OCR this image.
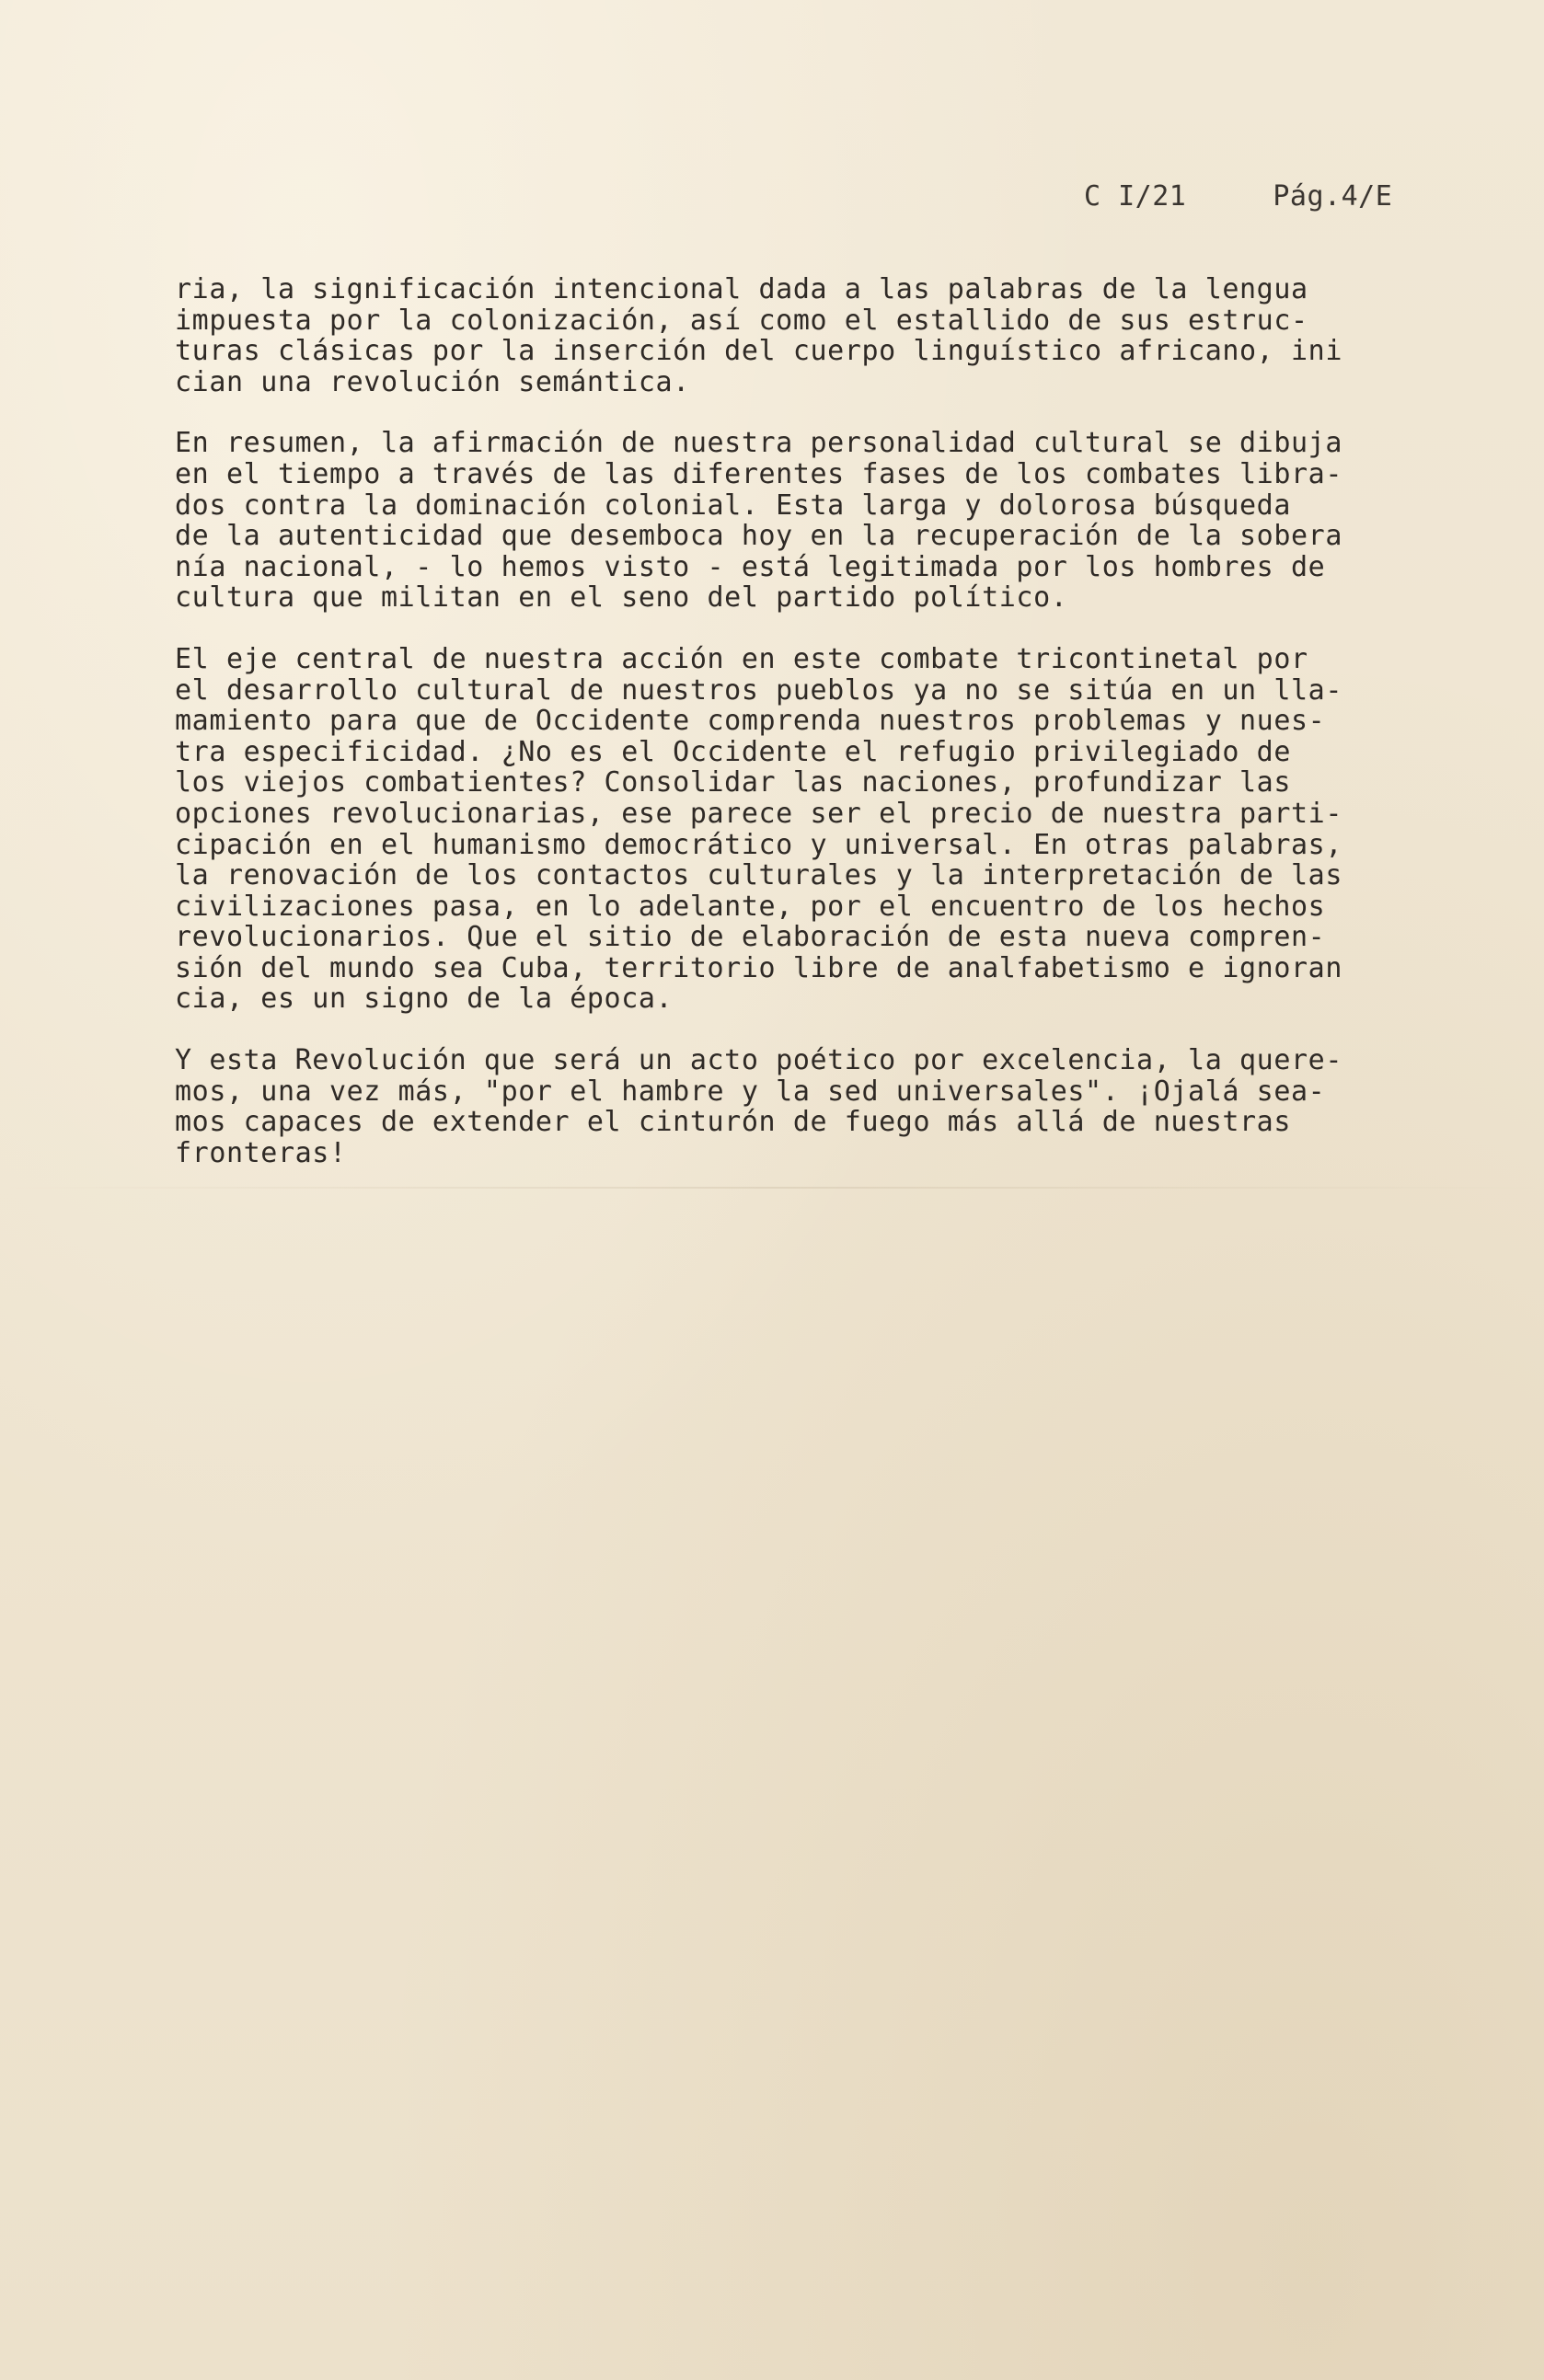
C I/21	Pág.4/E
ria, la significación intencional dada a las palabras de la lengua
impuesta por la colonización, así como el estallido de sus estruc-
turas clásicas por la inserción del cuerpo linguístico africano, ini
cian una revolución semántica.
En resumen, la afirmación de nuestra personalidad cultural se dibuja
en el tiempo a través de las diferentes fases de los combates libra-
dos contra la dominación colonial. Esta larga y dolorosa búsqueda
de la autenticidad que desemboca hoy en la recuperación de la sobera
nía nacional, - lo hemos visto - está legitimada por los hombres de
cultura que militan en el seno del partido político.
El eje central de nuestra acción en este combate tricontinetal por
el desarrollo cultural de nuestros pueblos ya no se sitúa en un lla-
mamiento para que de Occidente comprenda nuestros problemas y nues-
tra especificidad. ¿No es el Occidente el refugio privilegiado de
los viejos combatientes? Consolidar las naciones, profundizar las
opciones revolucionarias, ese parece ser el precio de nuestra parti-
cipación en el humanismo democrático y universal. En otras palabras,
la renovación de los contactos culturales y la interpretación de las
civilizaciones pasa, en lo adelante, por el encuentro de los hechos
revolucionarios. Que el sitio de elaboración de esta nueva compren-
sión del mundo sea Cuba, territorio libre de analfabetismo e ignoran
cia, es un signo de la época.
Y esta Revolución que será un acto poético por excelencia, la quere-
mos, una vez más, "por el hambre y la sed universales". ¡Ojalá sea-
mos capaces de extender el cinturón de fuego más allá de nuestras
fronteras!
